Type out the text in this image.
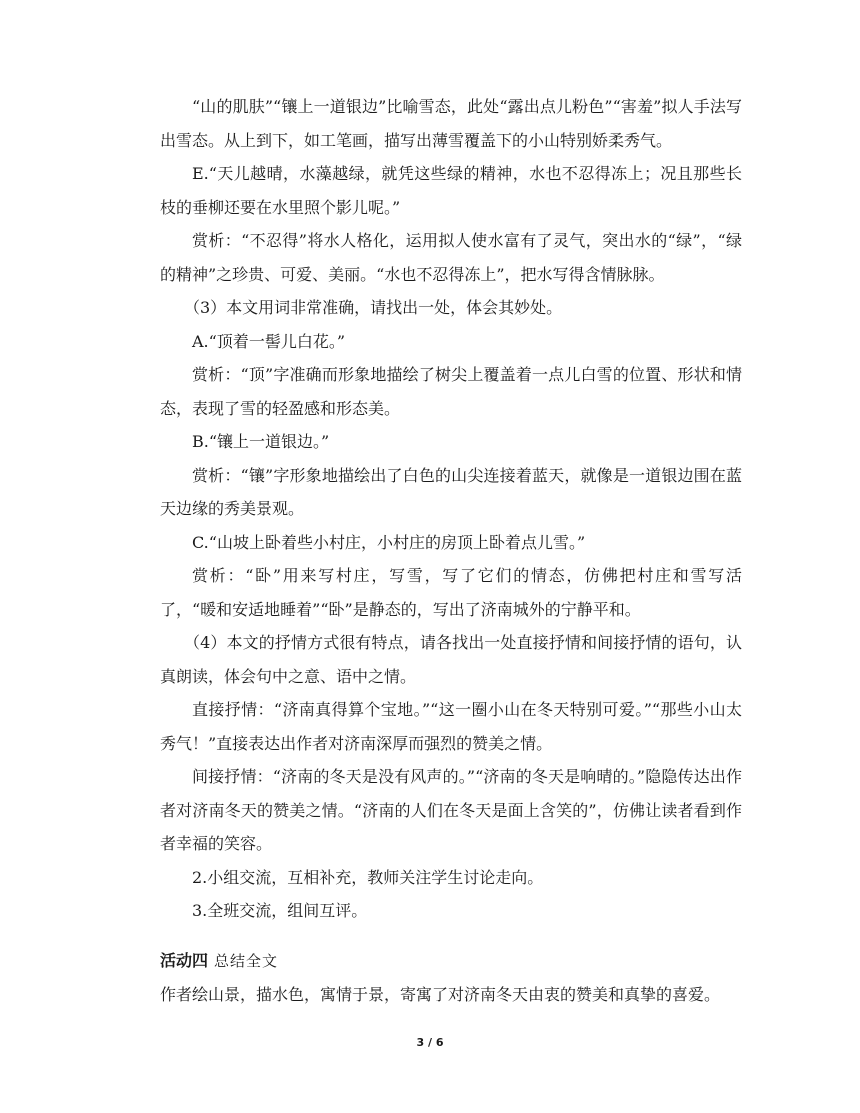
“山的肌肤”“镶上一道银边”比喻雪态，此处“露出点儿粉色”“害羞”拟人手法写出雪态。从上到下，如工笔画，描写出薄雪覆盖下的小山特别娇柔秀气。

E.“天儿越晴，水藻越绿，就凭这些绿的精神，水也不忍得冻上；况且那些长枝的垂柳还要在水里照个影儿呢。”

赏析：“不忍得”将水人格化，运用拟人使水富有了灵气，突出水的“绿”，“绿的精神”之珍贵、可爱、美丽。“水也不忍得冻上”，把水写得含情脉脉。

（3）本文用词非常准确，请找出一处，体会其妙处。

A.“顶着一髻儿白花。”

赏析：“顶”字准确而形象地描绘了树尖上覆盖着一点儿白雪的位置、形状和情态，表现了雪的轻盈感和形态美。

B.“镶上一道银边。”

赏析：“镶”字形象地描绘出了白色的山尖连接着蓝天，就像是一道银边围在蓝天边缘的秀美景观。

C.“山坡上卧着些小村庄，小村庄的房顶上卧着点儿雪。”

赏析：“卧”用来写村庄，写雪，写了它们的情态，仿佛把村庄和雪写活了，“暖和安适地睡着”“卧”是静态的，写出了济南城外的宁静平和。

（4）本文的抒情方式很有特点，请各找出一处直接抒情和间接抒情的语句，认真朗读，体会句中之意、语中之情。

直接抒情：“济南真得算个宝地。”“这一圈小山在冬天特别可爱。”“那些小山太秀气！”直接表达出作者对济南深厚而强烈的赞美之情。

间接抒情：“济南的冬天是没有风声的。”“济南的冬天是响晴的。”隐隐传达出作者对济南冬天的赞美之情。“济南的人们在冬天是面上含笑的”，仿佛让读者看到作者幸福的笑容。

2.小组交流，互相补充，教师关注学生讨论走向。

3.全班交流，组间互评。

活动四 总结全文

作者绘山景，描水色，寓情于景，寄寓了对济南冬天由衷的赞美和真挚的喜爱。

3 / 6
